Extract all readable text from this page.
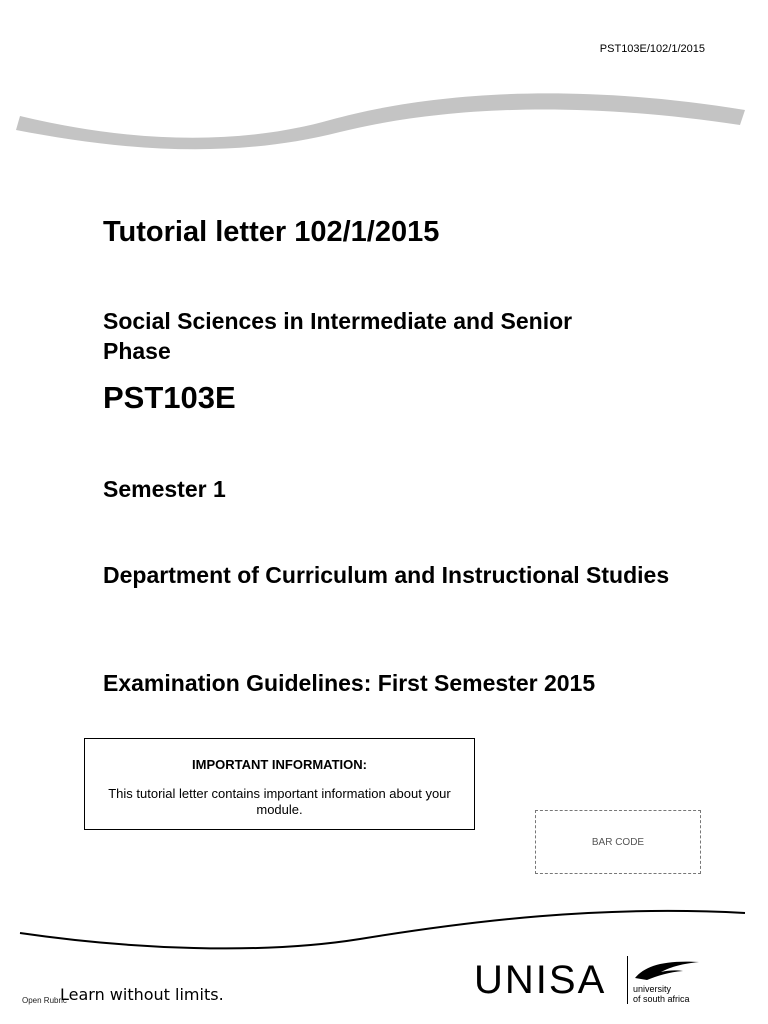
PST103E/102/1/2015
Tutorial letter 102/1/2015
Social Sciences in Intermediate and Senior Phase
PST103E
Semester 1
Department of Curriculum and Instructional Studies
Examination Guidelines: First Semester 2015
IMPORTANT INFORMATION:
This tutorial letter contains important information about your module.
BAR CODE
Open Rubric
Learn without limits.	UNISA	university
of south africa
